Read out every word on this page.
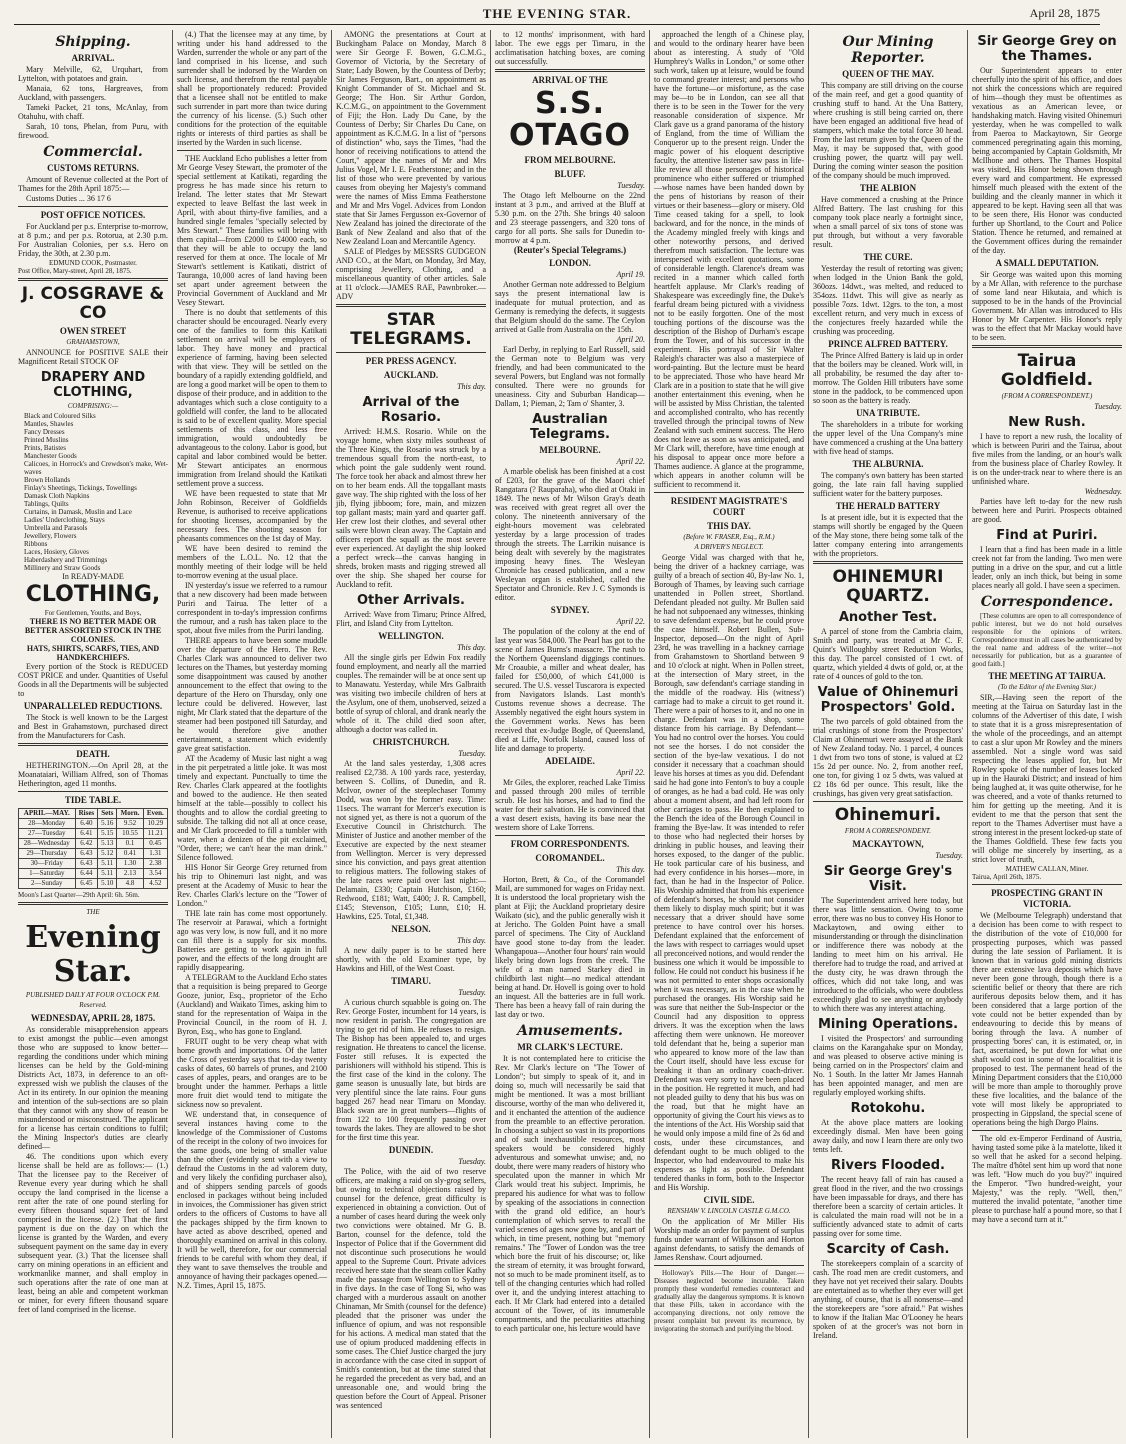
THE EVENING STAR.	April 28, 1875
Shipping.
ARRIVAL.

Mary Melville, 62, Urquhart, from Lyttelton, with potatoes and grain.

Manaia, 62 tons, Hargreaves, from Auckland, with passengers.

Tameki Packet, 21 tons, McAnlay, from Otahuhu, with chaff.

Sarah, 10 tons, Phelan, from Puru, with firewood.

Commercial.
CUSTOMS RETURNS.

Amount of Revenue collected at the Port of Thames for the 28th April 1875:—

Customs Duties ... 36 17 6

POST OFFICE NOTICES.

For Auckland per p.s. Enterprise to-morrow, at 8 p.m.; and per p.s. Rotorua, at 2.30 p.m. For Australian Colonies, per s.s. Hero on Friday, the 30th, at 2.30 p.m.

EDMUND COOK, Postmaster.
Post Office, Mary-street, April 28, 1875.
J. COSGRAVE & CO
OWEN STREET
GRAHAMSTOWN,

ANNOUNCE for POSITIVE SALE their Magnificent Retail STOCK OF

DRAPERY AND CLOTHING,
COMPRISING:—
Black and Coloured Silks
Mantles, Shawles
Fancy Dresses
Printed Muslins
Prints, Batistes
Manchester Goods
Calicoes, in Horrock's and Crewdson's make, Wet-waves
Brown Hollands
Finlay's Sheetings, Tickings, Towellings
Damask Cloth Napkins
Tablings, Quilts
Curtains, in Damask, Muslin and Lace
Ladies' Underclothing, Stays
Umbrella and Parasols
Jewellery, Flowers
Ribbons
Laces, Hosiery, Gloves
Haberdashery and Trimmings
Millinery and Straw Goods
In READY-MADE
CLOTHING,
For Gentlemen, Youths, and Boys,
THERE IS NO BETTER MADE OR BETTER ASSORTED STOCK IN THE COLONIES.
HATS, SHIRTS, SCARFS, TIES, AND HANDKERCHIEFS.

Every portion of the Stock is REDUCED COST PRICE and under. Quantities of Useful Goods in all the Departments will be subjected to

UNPARALLELED REDUCTIONS.

The Stock is well known to be the Largest and Best in Grahamstown, purchased direct from the Manufacturers for Cash.

DEATH.

HETHERINGTON.—On April 28, at the Moanataiari, William Alfred, son of Thomas Hetherington, aged 11 months.

TIDE TABLE.
APRIL—MAY.	Rises	Sets	Morn.	Even.
28—Monday	6.40	5.16	9.52	10.29
27—Tuesday	6.41	5.15	10.55	11.21
28—Wednesday	6.42	5.13	0.1	0.45
29—Thursday	6.43	5.12	0.41	1.31
30—Friday	6.43	5.11	1.30	2.38
1—Saturday	6.44	5.11	2.13	3.54
2—Sunday	6.45	5.10	4.8	4.52
Moon's Last Quarter—29th April: 6h. 56m.
THE
Evening Star.
PUBLISHED DAILY AT FOUR O'CLOCK P.M.
Reserved.
WEDNESDAY, APRIL 28, 1875.

As considerable misapprehension appears to exist amongst the public—even amongst those who are supposed to know better—regarding the conditions under which mining licenses can be held by the Gold-mining Districts Act, 1873, in deference to an oft-expressed wish we publish the clauses of the Act in its entirety. In our opinion the meaning and intention of the sub-sections are so plain that they cannot with any show of reason be misunderstood or misconstrued. The applicant for a license has certain conditions to fulfil; the Mining Inspector's duties are clearly defined—

46. The conditions upon which every license shall be held are as follows:— (1.) That the licensee pay to the Receiver of Revenue every year during which he shall occupy the land comprised in the license a rent after the rate of one pound sterling for every fifteen thousand square feet of land comprised in the license. (2.) That the first payment is due on the day on which the license is granted by the Warden, and every subsequent payment on the same day in every subsequent year. (3.) That the licensee shall carry on mining operations in an efficient and workmanlike manner, and shall employ in such operations after the rate of one man at least, being an able and competent workman or miner, for every fifteen thousand square feet of land comprised in the license.

(4.) That the licensee may at any time, by writing under his hand addressed to the Warden, surrender the whole or any part of the land comprised in his license, and such surrender shall be indorsed by the Warden on such license, and therefrom the rental payable shall be proportionately reduced: Provided that a licensee shall not be entitled to make such surrender in part more than twice during the currency of his license. (5.) Such other conditions for the protection of the equitable rights or interests of third parties as shall be inserted by the Warden in such license.

THE Auckland Echo publishes a letter from Mr George Vesey Stewart, the promoter of the special settlement at Katikati, regarding the progress he has made since his return to Ireland. The letter states that Mr Stewart expected to leave Belfast the last week in April, with about thirty-five families, and a hundred single females "specially selected by Mrs Stewart." These families will bring with them capital—from £2000 to £4000 each, so that they will be able to occupy the land reserved for them at once. The locale of Mr Stewart's settlement is Katikati, district of Tauranga, 10,000 acres of land having been set apart under agreement between the Provincial Government of Auckland and Mr Vesey Stewart.

There is no doubt that settlements of this character should be encouraged. Nearly every one of the families to form this Katikati settlement on arrival will be employers of labor. They have money and practical experience of farming, having been selected with that view. They will be settled on the boundary of a rapidly extending goldfield, and are long a good market will be open to them to dispose of their produce, and in addition to the advantages which such a close contiguity to a goldfield will confer, the land to be allocated is said to be of excellent quality. More special settlements of this class, and less free immigration, would undoubtedly be advantageous to the colony. Labor is good, but capital and labor combined would be better. Mr Stewart anticipates an enormous immigration from Ireland should the Katikati settlement prove a success.

WE have been requested to state that Mr John Robinson, Receiver of Goldfields Revenue, is authorised to receive applications for shooting licenses, accompanied by the necessary fees. The shooting season for pheasants commences on the 1st day of May.

WE have been desired to remind the members of the L.O.L. No. 12 that the monthly meeting of their lodge will be held to-morrow evening at the usual place.

IN yesterday's issue we referred to a rumour that a new discovery had been made between Puriri and Tairua. The letter of a correspondent in to-day's impression confirms the rumour, and a rush has taken place to the spot, about five miles from the Puriri landing.

THERE appears to have been some muddle over the departure of the Hero. The Rev. Charles Clark was announced to deliver two lectures on the Thames, but yesterday morning some disappointment was caused by another announcement to the effect that owing to the departure of the Hero on Thursday, only one lecture could be delivered. However, last night, Mr Clark stated that the departure of the steamer had been postponed till Saturday, and he would therefore give another entertainment, a statement which evidently gave great satisfaction.

AT the Academy of Music last night a wag in the pit perpetrated a little joke. It was most timely and expectant. Punctually to time the Rev. Charles Clark appeared at the footlights and bowed to the audience. He then seated himself at the table—possibly to collect his thoughts and to allow the cordial greeting to subside. The talking did not all at once cease, and Mr Clark proceeded to fill a tumbler with water, when a denizen of the pit exclaimed, "Order, there; we can't hear the man drink." Silence followed.

HIS Honor Sir George Grey returned from his trip to Ohinemuri last night, and was present at the Academy of Music to hear the Rev. Charles Clark's lecture on the "Tower of London."

THE late rain has come most opportunely. The reservoir at Parawai, which a fortnight ago was very low, is now full, and it no more can fill there is a supply for six months. Batteries are getting to work again in full power, and the effects of the long drought are rapidly disappearing.

A TELEGRAM to the Auckland Echo states that a requisition is being prepared to George Gooze, junior, Esq., proprietor of the Echo (Auckland) and Waikato Times, asking him to stand for the representation of Waipa in the Provincial Council, in the room of H. J. Byron, Esq., who has gone to England.

FRUIT ought to be very cheap what with home growth and importations. Of the latter the Cross of yesterday says that to-day twenty casks of dates, 60 barrels of prunes, and 2100 cases of apples, pears, and oranges are to be brought under the hammer. Perhaps a little more fruit diet would tend to mitigate the sickness now so prevalent.

WE understand that, in consequence of several instances having come to the knowledge of the Commissioner of Customs of the receipt in the colony of two invoices for the same goods, one being of smaller value than the other (evidently sent with a view to defraud the Customs in the ad valorem duty, and very likely the confiding purchaser also), and of shippers sending parcels of goods enclosed in packages without being included in invoices, the Commissioner has given strict orders to the officers of Customs to have all the packages shipped by the firm known to have acted as above described, opened and thoroughly examined on arrival in this colony. It will be well, therefore, for our commercial friends to be careful with whom they deal, if they want to save themselves the trouble and annoyance of having their packages opened.—N.Z. Times, April 15, 1875.

AMONG the presentations at Court at Buckingham Palace on Monday, March 8 were Sir George F. Bowen, G.C.M.G., Governor of Victoria, by the Secretary of State; Lady Bowen, by the Countess of Derby; Sir James Ferguson, Bart., on appointment as Knight Commander of St. Michael and St. George; The Hon. Sir Arthur Gordon, K.C.M.G., on appointment to the Government of Fiji; the Hon. Lady Du Cane, by the Countess of Derby; Sir Charles Du Cane, on appointment as K.C.M.G. In a list of "persons of distinction" who, says the Times, "had the honor of receiving notifications to attend the Court," appear the names of Mr and Mrs Julius Vogel, Mr I. E. Featherstone; and in the list of those who were prevented by various causes from obeying her Majesty's command were the names of Miss Emma Featherstone and Mr and Mrs Vogel. Advices from London state that Sir James Fergusson ex-Governor of New Zealand has joined the directorate of the Bank of New Zealand and also that of the New Zealand Loan and Mercantile Agency.

SALE of Pledges by MESSRS GUDGEON AND CO., at the Mart, on Monday, 3rd May, comprising Jewellery, Clothing, and a miscellaneous quantity of other articles. Sale at 11 o'clock.—JAMES RAE, Pawnbroker.—ADV

STAR TELEGRAMS.
PER PRESS AGENCY.
AUCKLAND.
This day.
Arrival of the Rosario.

Arrived: H.M.S. Rosario. While on the voyage home, when sixty miles southeast of the Three Kings, the Rosario was struck by a tremendous squall from the north-east, to which point the gale suddenly went round. The force took her aback and almost threw her on to her beam ends. All the topgallant masts gave way. The ship righted with the loss of her jib, flying jibboom; fore, main, and mizzen top gallant masts; main yard and quarter gaff. Her crew lost their clothes, and several other sails were blown clean away. The Captain and officers report the squall as the most severe ever experienced. At daylight the ship looked a perfect wreck—the canvas hanging in shreds, broken masts and rigging strewed all over the ship. She shaped her course for Auckland to refit.

Other Arrivals.

Arrived: Wave from Timaru; Prince Alfred, Flirt, and Island City from Lyttelton.

WELLINGTON.
This day.

All the single girls per Edwin Fox readily found employment, and nearly all the married couples. The remainder will be at once sent up to Manawatu. Yesterday, while Mrs Galbraith was visiting two imbecile children of hers at the Asylum, one of them, unobserved, seized a bottle of syrup of chloral, and drank nearly the whole of it. The child died soon after, although a doctor was called in.

CHRISTCHURCH.
Tuesday.

At the land sales yesterday, 1,308 acres realised £2,738. A 100 yards race, yesterday, between S. Collins, of Dunedin, and R. McIvor, owner of the steeplechaser Tommy Dodd, was won by the former easy. Time: 11secs. The warrant for Mercer's execution is not signed yet, as there is not a quorum of the Executive Council in Christchurch. The Minister of Justice and another member of the Executive are expected by the next steamer from Wellington. Mercer is very depressed since his conviction, and pays great attention to religious matters. The following stakes of the late races were paid over last night:—Delamain, £330; Captain Hutchison, £160; Redwood, £181; Watt, £400; J. R. Campbell, £145; Stevenson, £105; Lunn, £10; H. Hawkins, £25. Total, £1,348.

NELSON.
This day.

A new daily paper is to be started here shortly, with the old Examiner type, by Hawkins and Hill, of the West Coast.

TIMARU.
Tuesday.

A curious church squabble is going on. The Rev. George Foster, incumbent for 14 years, is now resident in parish. The congregation are trying to get rid of him. He refuses to resign. The Bishop has been appealed to, and urges resignation. He threatens to cancel the license. Foster still refuses. It is expected the parishioners will withhold his stipend. This is the first case of the kind in the colony. The game season is unusually late, but birds are very plentiful since the late rains. Four guns bagged 267 head near Timaru on Monday. Black swan are in great numbers—flights of from 122 to 100 frequently passing over towards the lakes. They are allowed to be shot for the first time this year.

DUNEDIN.
Tuesday.

The Police, with the aid of two reserve officers, are making a raid on sly-grog sellers, but owing to technical objections raised by counsel for the defence, great difficulty is experienced in obtaining a conviction. Out of a number of cases heard during the week only two convictions were obtained. Mr G. B. Barton, counsel for the defence, told the Inspector of Police that if the Government did not discontinue such prosecutions he would appeal to the Supreme Court. Private advices received here state that the steam collier Kathy made the passage from Wellington to Sydney in five days. In the case of Tong Si, who was charged with a murderous assault on another Chinaman, Mr Smith (counsel for the defence) pleaded that the prisoner was under the influence of opium, and was not responsible for his actions. A medical man stated that the use of opium produced maddening effects in some cases. The Chief Justice charged the jury in accordance with the case cited in support of Smith's contention, but at the time stated that he regarded the precedent as very bad, and an unreasonable one, and would bring the question before the Court of Appeal. Prisoner was sentenced

to 12 months' imprisonment, with hard labor. The ewe eggs per Timaru, in the acclimatisation hatching boxes, are coming out successfully.

ARRIVAL OF THE
S.S. OTAGO
FROM MELBOURNE.
BLUFF.
Tuesday.

The Otago left Melbourne on the 22nd instant at 3 p.m., and arrived at the Bluff at 5.30 p.m. on the 27th. She brings 40 saloon and 23 steerage passengers, and 320 tons of cargo for all ports. She sails for Dunedin to-morrow at 4 p.m.

(Reuter's Special Telegrams.)
LONDON.
April 19.

Another German note addressed to Belgium says the present international law is inadequate for mutual protection, and as Germany is remedying the defects, it suggests that Belgium should do the same. The Ceylon arrived at Galle from Australia on the 15th.

April 20.

Earl Derby, in replying to Earl Russell, said the German note to Belgium was very friendly, and had been communicated to the several Powers, but England was not formally consulted. There were no grounds for uneasiness. City and Suburban Handicap—Dallam, 1; Pieman, 2; Tam o' Shanter, 3.

Australian Telegrams.
MELBOURNE.
April 22.

A marble obelisk has been finished at a cost of £203, for the grave of the Maori chief Rangatara (? Rauparaha), who died at Otaki in 1849. The news of Mr Wilson Gray's death was received with great regret all over the colony. The nineteenth anniversary of the eight-hours movement was celebrated yesterday by a large procession of trades through the streets. The Larrikin nuisance is being dealt with severely by the magistrates imposing heavy fines. The Wesleyan Chronicle has ceased publication, and a new Wesleyan organ is established, called the Spectator and Chronicle. Rev J. C Symonds is editor.

SYDNEY.
April 22.

The population of the colony at the end of last year was 584,000. The Pearl has got to the scene of James Burns's massacre. The rush to the Northern Queensland diggings continues. Mr Croaubie, a miller and wheat dealer, has failed for £50,000, of which £41,000 is secured. The U.S. vessel Tuscarora is expected from Navigators Islands. Last month's Customs revenue shows a decrease. The Assembly negatived the eight hours system in the Government works. News has been received that ex-Judge Bogle, of Queensland, died at Liffe, Norfolk Island, caused loss of life and damage to property.

ADELAIDE.
April 22.

Mr Giles, the explorer, reached Lake Timiss and passed through 200 miles of terrible scrub. He lost his horses, and had to find the water for their salvation. He is convinced that a vast desert exists, having its base near the western shore of Lake Torrens.

FROM CORRESPONDENTS.
COROMANDEL.
This day.

Horton, Brett, & Co., of the Coromandel Mail, are summoned for wages on Friday next. It is understood the local proprietary wish the plant at Fiji; the Auckland proprietary desire Waikato (sic), and the public generally wish it at Jericho. The Golden Point have a small parcel of specimens. The City of Auckland have good stone to-day from the leader. Whangapoua—Another four hours' rain would likely bring down logs from the creek. The wife of a man named Starkey died in childbirth last night—no medical attendant being at hand. Dr. Hovell is going over to hold an inquest. All the batteries are in full work. There has been a heavy fall of rain during the last day or two.

Amusements.
MR CLARK'S LECTURE.

It is not contemplated here to criticise the Rev. Mr Clark's lecture on "The Tower of London"; but simply to speak of it, and in doing so, much will necessarily be said that might be mentioned. It was a most brilliant discourse, worthy of the man who delivered it, and it enchanted the attention of the audience from the preamble to an effective peroration. In choosing a subject so vast in its proportions and of such inexhaustible resources, most speakers would be considered highly adventurous and somewhat unwise; and, no doubt, there were many readers of history who speculated upon the manner in which Mr Clark would treat his subject. Imprimis, he prepared his audience for what was to follow by speaking of the associations in connection with the grand old edifice, an hour's contemplation of which serves to recall the varied scenes of ages now gone by, and part of which, in time present, nothing but "memory remains." The "Tower of London was the tree which bore the fruit of his discourse; or, like the stream of eternity, it was brought forward, not so much to be made prominent itself, as to tell of the changing centuries which had rolled over it, and the undying interest attaching to each. If Mr Clark had entered into a detailed account of the Tower, of its innumerable compartments, and the peculiarities attaching to each particular one, his lecture would have

approached the length of a Chinese play, and would to the ordinary hearer have been about as interesting. A study of "Old Humphrey's Walks in London," or some other such work, taken up at leisure, would be found to command greater interest; and persons who have the fortune—or misfortune, as the case may be—to be in London, can see all that there is to be seen in the Tower for the very reasonable consideration of sixpence. Mr Clark gave us a grand panorama of the history of England, from the time of William the Conqueror up to the present reign. Under the magic power of his eloquent descriptive faculty, the attentive listener saw pass in life-like review all those personages of historical prominence who either suffered or triumphed—whose names have been handed down by the pens of historians by reason of their virtues or their baseness—glory or misery. Old Time ceased taking for a spell, to look backward, and for the nonce, in the minds of the Academy mingled freely with kings and other noteworthy persons, and derived therefrom much satisfaction. The lecture was interspersed with excellent quotations, some of considerable length. Clarence's dream was recited in a manner which called forth heartfelt applause. Mr Clark's reading of Shakespeare was exceedingly fine, the Duke's fearful dream being pictured with a vividness not to be easily forgotten. One of the most touching portions of the discourse was the description of the Bishop of Durham's escape from the Tower, and of his successor in the experiment. His portrayal of Sir Walter Raleigh's character was also a masterpiece of word-painting. But the lecture must be heard to be appreciated. Those who have heard Mr Clark are in a position to state that he will give another entertainment this evening, when he will be assisted by Miss Christian, the talented and accomplished contralto, who has recently travelled through the principal towns of New Zealand with such eminent success. The Hero does not leave as soon as was anticipated, and Mr Clark will, therefore, have time enough at his disposal to appear once more before a Thames audience. A glance at the programme, which appears in another column will be sufficient to recommend it.

RESIDENT MAGISTRATE'S COURT
THIS DAY.
(Before W. FRASER, Esq., R.M.)
A DRIVER'S NEGLECT.

George Vidal was charged with that he, being the driver of a hackney carriage, was guilty of a breach of section 40, By-law No. 1, Borough of Thames, by leaving such carriage unattended in Pollen street, Shortland. Defendant pleaded not guilty. Mr Bullen said he had not subpoenaed any witnesses, thinking to save defendant expense, but he could prove the case himself. Robert Bullen, Sub-Inspector, deposed—On the night of April 23rd, he was travelling in a hackney carriage from Grahamstown to Shortland between 9 and 10 o'clock at night. When in Pollen street, at the intersection of Mary street, in the Borough, saw defendant's carriage standing in the middle of the roadway. His (witness') carriage had to make a circuit to get round it. There were a pair of horses to it, and no one in charge. Defendant was in a shop, some distance from his carriage. By Defendant—You had no control over the horses. You could not see the horses. I do not consider the section of the bye-law vexatious. I do not consider it necessary that a coachman should leave his horses at times as you did. Defendant said he had gone into Fenton's to buy a couple of oranges, as he had a bad cold. He was only about a moment absent, and had left room for other carriages to pass. He then explained to the Bench the idea of the Borough Council in framing the Bye-law. It was intended to refer to those who had neglected their horses by drinking in public houses, and leaving their horses exposed, to the danger of the public. He took particular care of his business, and had every confidence in his horses—more, in fact, than he had in the Inspector of Police. His Worship admitted that from his experience of defendant's horses, he should not consider them likely to display much spirit; but it was necessary that a driver should have some pretence to have control over his horses. Defendant explained that the enforcement of the laws with respect to carriages would upset all preconceived notions, and would render the business one which it would be impossible to follow. He could not conduct his business if he was not permitted to enter shops occasionally when it was necessary, as in the case when he purchased the oranges. His Worship said he was sure that neither the Sub-Inspector or the Council had any disposition to oppress drivers. It was the exception when the laws affecting them were unknown. He moreover told defendant that he, being a superior man who appeared to know more of the law than the Court itself, should have less excuse for breaking it than an ordinary coach-driver. Defendant was very sorry to have been placed in the position. He regretted it much, and had not pleaded guilty to deny that his bus was on the road, but that he might have an opportunity of giving the Court his views as to the intentions of the Act. His Worship said that he would only impose a mild fine of 2s 6d and costs, under these circumstances, and defendant ought to be much obliged to the Inspector, who had endeavoured to make his expenses as light as possible. Defendant tendered thanks in form, both to the Inspector and His Worship.

CIVIL SIDE.
RENSHAW V. LINCOLN CASTLE G.M.CO.

On the application of Mr Miller His Worship made an order for payment of surplus funds under warrant of Wilkinson and Horton against defendants, to satisfy the demands of James Renshaw. Court adjourned.

Holloway's Pills.—The Hour of Danger.—Diseases neglected become incurable. Taken promptly these wonderful remedies counteract and gradually allay the dangerous symptoms. It is known that these Pills, taken in accordance with the accompanying directions, not only remove the present complaint but prevent its recurrence, by invigorating the stomach and purifying the blood.

Our Mining Reporter.
QUEEN OF THE MAY.

This company are still driving on the course of the main reef, and get a good quantity of crushing stuff to hand. At the Una Battery, where crushing is still being carried on, there have been engaged an additional five head of stampers, which make the total force 30 head. From the last return given by the Queen of the May, it may be supposed that, with good crushing power, the quartz will pay well. During the coming winter season the position of the company should be much improved.

THE ALBION

Have commenced a crushing at the Prince Alfred Battery. The last crushing for this company took place nearly a fortnight since, when a small parcel of six tons of stone was put through, but without a very favorable result.

THE CURE.

Yesterday the result of retorting was given; when lodged in the Union Bank the gold, 360ozs. 14dwt., was melted, and reduced to 354ozs. 11dwt. This will give as nearly as possible 7ozs. 1dwt. 12grs. to the ton, a most excellent return, and very much in excess of the conjectures freely hazarded while the crushing was proceeding.

PRINCE ALFRED BATTERY.

The Prince Alfred Battery is laid up in order that the boilers may be cleaned. Work will, in all probability, be resumed the day after to-morrow. The Golden Hill tributers have some stone in the paddock, to be commenced upon so soon as the battery is ready.

UNA TRIBUTE.

The shareholders in a tribute for working the upper level of the Una Company's mine have commenced a crushing at the Una battery with five head of stamps.

THE ALBURNIA.

The company's own battery has been started going, the late rain fall having supplied sufficient water for the battery purposes.

THE HERALD BATTERY

Is at present idle, but it is expected that the stamps will shortly be engaged by the Queen of the May stone, there being some talk of the latter company entering into arrangements with the proprietors.

OHINEMURI QUARTZ.
Another Test.

A parcel of stone from the Cambria claim, Smith and party, was treated at Mr C. F. Quint's Willoughby street Reduction Works, this day. The parcel consisted of 1 cwt. of quartz, which yielded 4 dwts of gold, or, at the rate of 4 ounces of gold to the ton.

Value of Ohinemuri Prospectors' Gold.

The two parcels of gold obtained from the trial crushings of stone from the Prospectors' Claim at Ohinemuri were assayed at the Bank of New Zealand today. No. 1 parcel, 4 ounces 1 dwt from two tons of stone, is valued at £2 15s 2d per ounce. No. 2, from another reef, one ton, for giving 1 oz 5 dwts, was valued at £2 18s 6d per ounce. This result, like the crushings, has given very great satisfaction.

Ohinemuri.
FROM A CORRESPONDENT.
MACKAYTOWN,
Tuesday.
Sir George Grey's Visit.

The Superintendent arrived here today, but there was little sensation. Owing to some error, there was no bus to convey His Honor to Mackaytown, and owing either to misunderstanding or through the disinclination or indifference there was nobody at the landing to meet him on his arrival. He therefore had to trudge the road, and arrived at the dusty city, he was drawn through the offices, which did not take long, and was introduced to the officials, who were doubtless exceedingly glad to see anything or anybody to which there was any interest attaching.

Mining Operations.

I visited the Prospectors' and surrounding claims on the Karangahake spur on Monday, and was pleased to observe active mining is being carried on in the Prospectors' claim and No. 1 South. In the latter Mr James Hannah has been appointed manager, and men are regularly employed working shifts.

Rotokohu.

At the above place matters are looking exceedingly dismal. Men have been going away daily, and now I learn there are only two tents left.

Rivers Flooded.

The recent heavy fall of rain has caused a great flood in the river, and the two crossings have been impassable for drays, and there has therefore been a scarcity of certain articles. It is calculated the main road will not be in a sufficiently advanced state to admit of carts passing over for some time.

Scarcity of Cash.

The storekeepers complain of a scarcity of cash. The road men are credit customers, and they have not yet received their salary. Doubts are entertained as to whether they ever will get anything, of course, that is all nonsense—and the storekeepers are "sore afraid." Pat wishes to know if the Italian Mac O'Looney he hears spoken of at the grocer's was not born in Ireland.

Sir George Grey on the Thames.

Our Superintendent appears to enter cheerfully into the spirit of his office, and does not shirk the concessions which are required of him—though they must be oftentimes as vexatious as an American levee, or handshaking match. Having visited Ohinemuri yesterday, when he was compelled to walk from Paeroa to Mackaytown, Sir George commenced peregrinating again this morning, being accompanied by Captain Goldsmith, Mr McIlhone and others. The Thames Hospital was visited, His Honor being shown through every ward and compartment. He expressed himself much pleased with the extent of the building and the cleanly manner in which it appeared to be kept. Having seen all that was to be seen there, His Honor was conducted further up Shortland, to the Court and Police Station. Thence he returned, and remained at the Government offices during the remainder of the day.

A SMALL DEPUTATION.

Sir George was waited upon this morning by a Mr Allan, with reference to the purchase of some land near Hikutaia, and which is supposed to be in the hands of the Provincial Government. Mr Allan was introduced to His Honor by Mr Carpenter. His Honor's reply was to the effect that Mr Mackay would have to be seen.

Tairua Goldfield.
(FROM A CORRESPONDENT.)
Tuesday.
New Rush.

I have to report a new rush, the locality of which is between Puriri and the Tairua, about five miles from the landing, or an hour's walk from the business place of Charley Rowley. It is on the under-track near to where there is an unfinished whare.

Wednesday.

Parties have left to-day for the new rush between here and Puriri. Prospects obtained are good.

Find at Puriri.

I learn that a find has been made in a little creek not far from the landing. Two men were putting in a drive on the spur, and cut a little leader, only an inch thick, but being in some places nearly all gold. I have seen a specimen.

Correspondence.

[These columns are open to all correspondence of public interest, but we do not hold ourselves responsible for the opinions of writers. Correspondence must in all cases be authenticated by the real name and address of the writer—not necessarily for publication, but as a guarantee of good faith.]

THE MEETING AT TAIRUA.
(To the Editor of the Evening Star.)

SIR,—Having seen the report of the meeting at the Tairua on Saturday last in the columns of the Advertiser of this date, I wish to state that it is a gross misrepresentation of the whole of the proceedings, and an attempt to cast a slur upon Mr Rowley and the miners assembled. Not a single word was said respecting the leases applied for, but Mr Rowley spoke of the number of leases locked up in the Hauraki District; and instead of him being laughed at, it was quite otherwise, for he was cheered, and a vote of thanks returned to him for getting up the meeting. And it is evident to me that the person that sent the report to the Thames Advertiser must have a strong interest in the present locked-up state of the Thames Goldfield. These few facts you will oblige me sincerely by inserting, as a strict lover of truth,

MATHEW CALLAN, Miner.
Tairua, April 26th, 1875.
PROSPECTING GRANT IN VICTORIA.

We (Melbourne Telegraph) understand that a decision has been come to with respect to the distribution of the vote of £10,000 for prospecting purposes, which was passed during the late session of Parliament. It is known that in various gold mining districts there are extensive lava deposits which have never been gone through, though there is a scientific belief or theory that there are rich auriferous deposits below them, and it has been considered that a large portion of the vote could not be better expended than by endeavouring to decide this by means of boring through the lava. A number of prospecting 'bores' can, it is estimated, or, in fact, ascertained, be put down for what one shaft would cost in some of the localities it is proposed to test. The permanent head of the Mining Department considers that the £10,000 will be more than ample to thoroughly prove these five localities, and the balance of the vote will most likely be appropriated to prospecting in Gippsland, the special scene of operations being the high Dargo Plains.

The old ex-Emperor Ferdinand of Austria, having tasted some pike à la matelotte, liked it so well that he asked for a second helping. The maître d'hôtel sent him up word that none was left. "How much do you buy?" inquired the Emperor. "Two hundred-weight, your Majesty," was the reply. "Well, then," muttered the invalid potentate, "another time please to purchase half a pound more, so that I may have a second turn at it."
